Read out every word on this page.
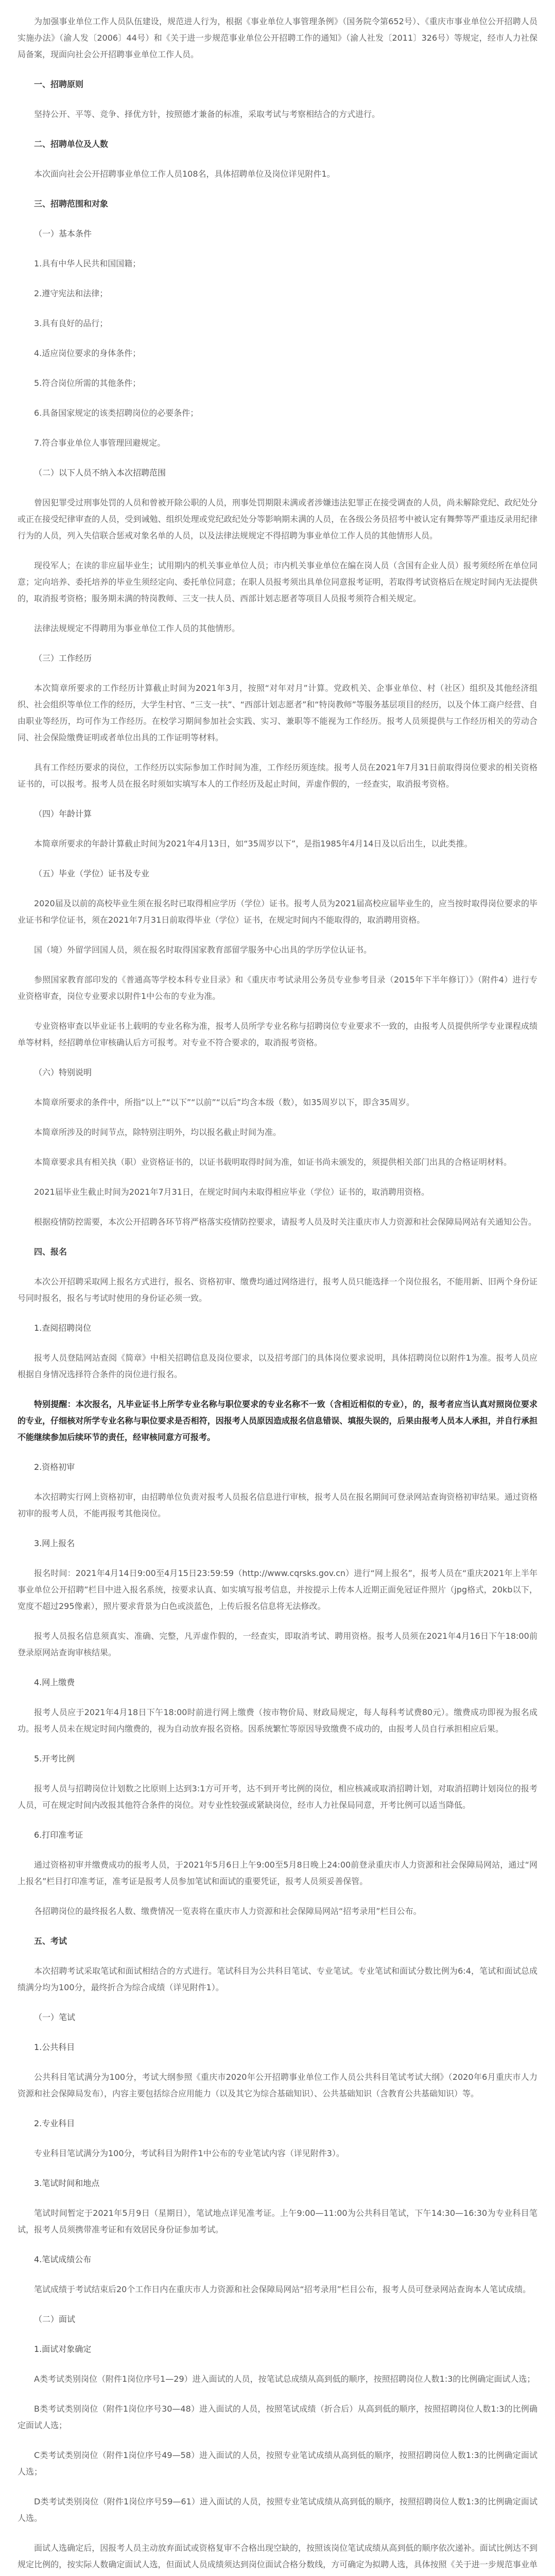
为加强事业单位工作人员队伍建设，规范进人行为，根据《事业单位人事管理条例》（国务院令第652号）、《重庆市事业单位公开招聘人员实施办法》（渝人发〔2006〕44号）和《关于进一步规范事业单位公开招聘工作的通知》（渝人社发〔2011〕326号）等规定，经市人力社保局备案，现面向社会公开招聘事业单位工作人员。

一、招聘原则

坚持公开、平等、竞争、择优方针，按照德才兼备的标准，采取考试与考察相结合的方式进行。

二、招聘单位及人数

本次面向社会公开招聘事业单位工作人员108名，具体招聘单位及岗位详见附件1。

三、招聘范围和对象

（一）基本条件

1.具有中华人民共和国国籍；

2.遵守宪法和法律；

3.具有良好的品行；

4.适应岗位要求的身体条件；

5.符合岗位所需的其他条件；

6.具备国家规定的该类招聘岗位的必要条件；

7.符合事业单位人事管理回避规定。

（二）以下人员不纳入本次招聘范围

曾因犯罪受过刑事处罚的人员和曾被开除公职的人员，刑事处罚期限未满或者涉嫌违法犯罪正在接受调查的人员，尚未解除党纪、政纪处分或正在接受纪律审查的人员，受到诫勉、组织处理或党纪政纪处分等影响期未满的人员，在各级公务员招考中被认定有舞弊等严重违反录用纪律行为的人员，列入失信联合惩戒对象名单的人员，以及法律法规规定不得招聘为事业单位工作人员的其他情形人员。

现役军人；在读的非应届毕业生；试用期内的机关事业单位人员；市内机关事业单位在编在岗人员（含国有企业人员）报考须经所在单位同意；定向培养、委托培养的毕业生须经定向、委托单位同意；在职人员报考须出具单位同意报考证明，若取得考试资格后在规定时间内无法提供的，取消报考资格；服务期未满的特岗教师、三支一扶人员、西部计划志愿者等项目人员报考须符合相关规定。

法律法规规定不得聘用为事业单位工作人员的其他情形。

（三）工作经历

本次简章所要求的工作经历计算截止时间为2021年3月，按照“对年对月”计算。党政机关、企事业单位、村（社区）组织及其他经济组织、社会组织等单位工作的经历，大学生村官、“三支一扶”、“西部计划志愿者”和“特岗教师”等服务基层项目的经历，以及个体工商户经营、自由职业等经历，均可作为工作经历。在校学习期间参加社会实践、实习、兼职等不能视为工作经历。报考人员须提供与工作经历相关的劳动合同、社会保险缴费证明或者单位出具的工作证明等材料。

具有工作经历要求的岗位，工作经历以实际参加工作时间为准，工作经历须连续。报考人员在2021年7月31日前取得岗位要求的相关资格证书的，可以报考。报考人员在报名时须如实填写本人的工作经历及起止时间，弄虚作假的，一经查实，取消报考资格。

（四）年龄计算

本简章所要求的年龄计算截止时间为2021年4月13日，如“35周岁以下”，是指1985年4月14日及以后出生，以此类推。

（五）毕业（学位）证书及专业

2020届及以前的高校毕业生须在报名时已取得相应学历（学位）证书。报考人员为2021届高校应届毕业生的，应当按时取得岗位要求的毕业证书和学位证书，须在2021年7月31日前取得毕业（学位）证书，在规定时间内不能取得的，取消聘用资格。

国（境）外留学回国人员，须在报名时取得国家教育部留学服务中心出具的学历学位认证书。

参照国家教育部印发的《普通高等学校本科专业目录》和《重庆市考试录用公务员专业参考目录（2015年下半年修订）》（附件4）进行专业资格审查，岗位专业要求以附件1中公布的专业为准。

专业资格审查以毕业证书上载明的专业名称为准，报考人员所学专业名称与招聘岗位专业要求不一致的，由报考人员提供所学专业课程成绩单等材料，经招聘单位审核确认后方可报考。对专业不符合要求的，取消报考资格。

（六）特别说明

本简章所要求的条件中，所指“以上”“以下”“以前”“以后”均含本级（数），如35周岁以下，即含35周岁。

本简章所涉及的时间节点，除特别注明外，均以报名截止时间为准。

本简章要求具有相关执（职）业资格证书的，以证书载明取得时间为准，如证书尚未颁发的，须提供相关部门出具的合格证明材料。

2021届毕业生截止时间为2021年7月31日，在规定时间内未取得相应毕业（学位）证书的，取消聘用资格。

根据疫情防控需要，本次公开招聘各环节将严格落实疫情防控要求，请报考人员及时关注重庆市人力资源和社会保障局网站有关通知公告。

四、报名

本次公开招聘采取网上报名方式进行，报名、资格初审、缴费均通过网络进行，报考人员只能选择一个岗位报名，不能用新、旧两个身份证号同时报名，报名与考试时使用的身份证必须一致。

1.查阅招聘岗位

报考人员登陆网站查阅《简章》中相关招聘信息及岗位要求，以及招考部门的具体岗位要求说明，具体招聘岗位以附件1为准。报考人员应根据自身情况选择符合条件的岗位进行报名。

特别提醒：本次报名，凡毕业证书上所学专业名称与职位要求的专业名称不一致（含相近相似的专业），的，报考者应当认真对照岗位要求的专业，仔细核对所学专业名称与职位要求是否相符，因报考人员原因造成报名信息错误、填报失误的，后果由报考人员本人承担，并自行承担不能继续参加后续环节的责任，经审核同意方可报考。

2.资格初审

本次招聘实行网上资格初审，由招聘单位负责对报考人员报名信息进行审核，报考人员在报名期间可登录网站查询资格初审结果。通过资格初审的报考人员，不能再报考其他岗位。

3.网上报名

报名时间：2021年4月14日9:00至4月15日23:59:59（http://www.cqrsks.gov.cn）进行“网上报名”，报考人员在“重庆2021年上半年事业单位公开招聘”栏目中进入报名系统，按要求认真、如实填写报考信息，并按提示上传本人近期正面免冠证件照片（jpg格式，20kb以下，宽度不超过295像素），照片要求背景为白色或淡蓝色，上传后报名信息将无法修改。

报考人员报名信息须真实、准确、完整，凡弄虚作假的，一经查实，即取消考试、聘用资格。报考人员须在2021年4月16日下午18:00前登录原网站查询审核结果。

4.网上缴费

报考人员应于2021年4月18日下午18:00时前进行网上缴费（按市物价局、财政局规定，每人每科考试费80元）。缴费成功即视为报名成功。报考人员未在规定时间内缴费的，视为自动放弃报名资格。因系统繁忙等原因导致缴费不成功的，由报考人员自行承担相应后果。

5.开考比例

报考人员与招聘岗位计划数之比原则上达到3:1方可开考，达不到开考比例的岗位，相应核减或取消招聘计划，对取消招聘计划岗位的报考人员，可在规定时间内改报其他符合条件的岗位。对专业性较强或紧缺岗位，经市人力社保局同意，开考比例可以适当降低。

6.打印准考证

通过资格初审并缴费成功的报考人员，于2021年5月6日上午9:00至5月8日晚上24:00前登录重庆市人力资源和社会保障局网站，通过“网上报名”栏目打印准考证，准考证是报考人员参加笔试和面试的重要凭证，报考人员须妥善保管。

各招聘岗位的最终报名人数、缴费情况一览表将在重庆市人力资源和社会保障局网站“招考录用”栏目公布。

五、考试

本次招聘考试采取笔试和面试相结合的方式进行。笔试科目为公共科目笔试、专业笔试。专业笔试和面试分数比例为6:4，笔试和面试总成绩满分均为100分，最终折合为综合成绩（详见附件1）。

（一）笔试

1.公共科目

公共科目笔试满分为100分，考试大纲参照《重庆市2020年公开招聘事业单位工作人员公共科目笔试考试大纲》（2020年6月重庆市人力资源和社会保障局发布），内容主要包括综合应用能力（以及其它为综合基础知识）、公共基础知识（含教育公共基础知识）等。

2.专业科目

专业科目笔试满分为100分，考试科目为附件1中公布的专业笔试内容（详见附件3）。

3.笔试时间和地点

笔试时间暂定于2021年5月9日（星期日），笔试地点详见准考证。上午9:00—11:00为公共科目笔试，下午14:30—16:30为专业科目笔试，报考人员须携带准考证和有效居民身份证参加考试。

4.笔试成绩公布

笔试成绩于考试结束后20个工作日内在重庆市人力资源和社会保障局网站“招考录用”栏目公布，报考人员可登录网站查询本人笔试成绩。

（二）面试

1.面试对象确定

A类考试类别岗位（附件1岗位序号1—29）进入面试的人员，按笔试总成绩从高到低的顺序，按照招聘岗位人数1:3的比例确定面试人选；

B类考试类别岗位（附件1岗位序号30—48）进入面试的人员，按照笔试成绩（折合后）从高到低的顺序，按照招聘岗位人数1:3的比例确定面试人选；

C类考试类别岗位（附件1岗位序号49—58）进入面试的人员，按照专业笔试成绩从高到低的顺序，按照招聘岗位人数1:3的比例确定面试人选；

D类考试类别岗位（附件1岗位序号59—61）进入面试的人员，按照专业笔试成绩从高到低的顺序，按照招聘岗位人数1:3的比例确定面试人选。

面试人选确定后，因报考人员主动放弃面试或资格复审不合格出现空缺的，按照该岗位笔试成绩从高到低的顺序依次递补。面试比例达不到规定比例的，按实际人数确定面试人选，但面试人员成绩须达到岗位面试合格分数线，方可确定为拟聘人选，具体按照《关于进一步规范事业单
